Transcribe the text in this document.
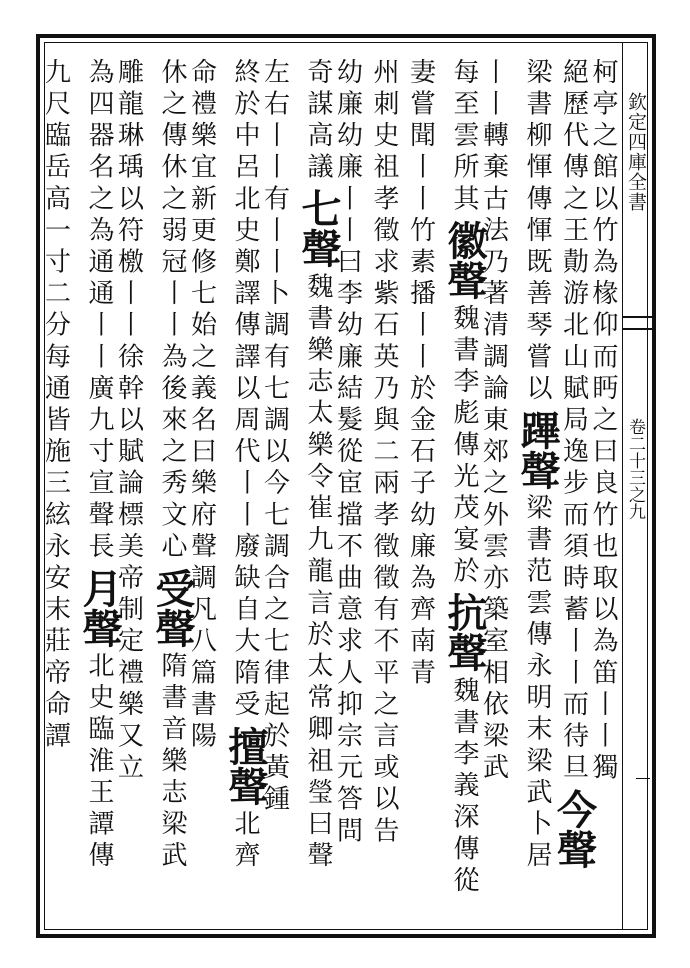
欽定四庫全書
卷二十三之九
柯亭之館以竹為椽仰而眄之曰良竹也取以為笛丨丨獨
絕歷代傳之王勣游北山賦局逸步而須時蓄丨丨而待旦今聲
梁書柳惲傳惲既善琴嘗以蹕聲梁書范雲傳永明末梁武卜居
丨丨轉棄古法乃著清調論東郊之外雲亦築室相依梁武
每至雲所其徽聲魏書李彪傳光茂宴於抗聲魏書李義深傳從
妻嘗聞丨丨竹素播丨丨於金石子幼廉為齊南青
州刺史祖孝徵求紫石英乃與二兩孝徵徵有不平之言或以告
幼廉幼廉丨丨曰李幼廉結髮從宦擋不曲意求人抑宗元答問
奇謀高議七聲魏書樂志太樂令崔九龍言於太常卿祖瑩曰聲
左右丨丨有丨丨卜調有七調以今七調合之七律起於黃鍾
終於中呂北史鄭譯傳譯以周代丨丨廢缺自大隋受擅聲北齊
命禮樂宜新更修七始之義名曰樂府聲調凡八篇書陽
休之傳休之弱冠丨丨為後來之秀文心受聲隋書音樂志梁武
雕龍琳瑀以符檄丨丨徐幹以賦論標美帝制定禮樂又立
為四器名之為通通丨丨廣九寸宣聲長月聲北史臨淮王譚傳
九尺臨岳高一寸二分每通皆施三絃永安末莊帝命譚
